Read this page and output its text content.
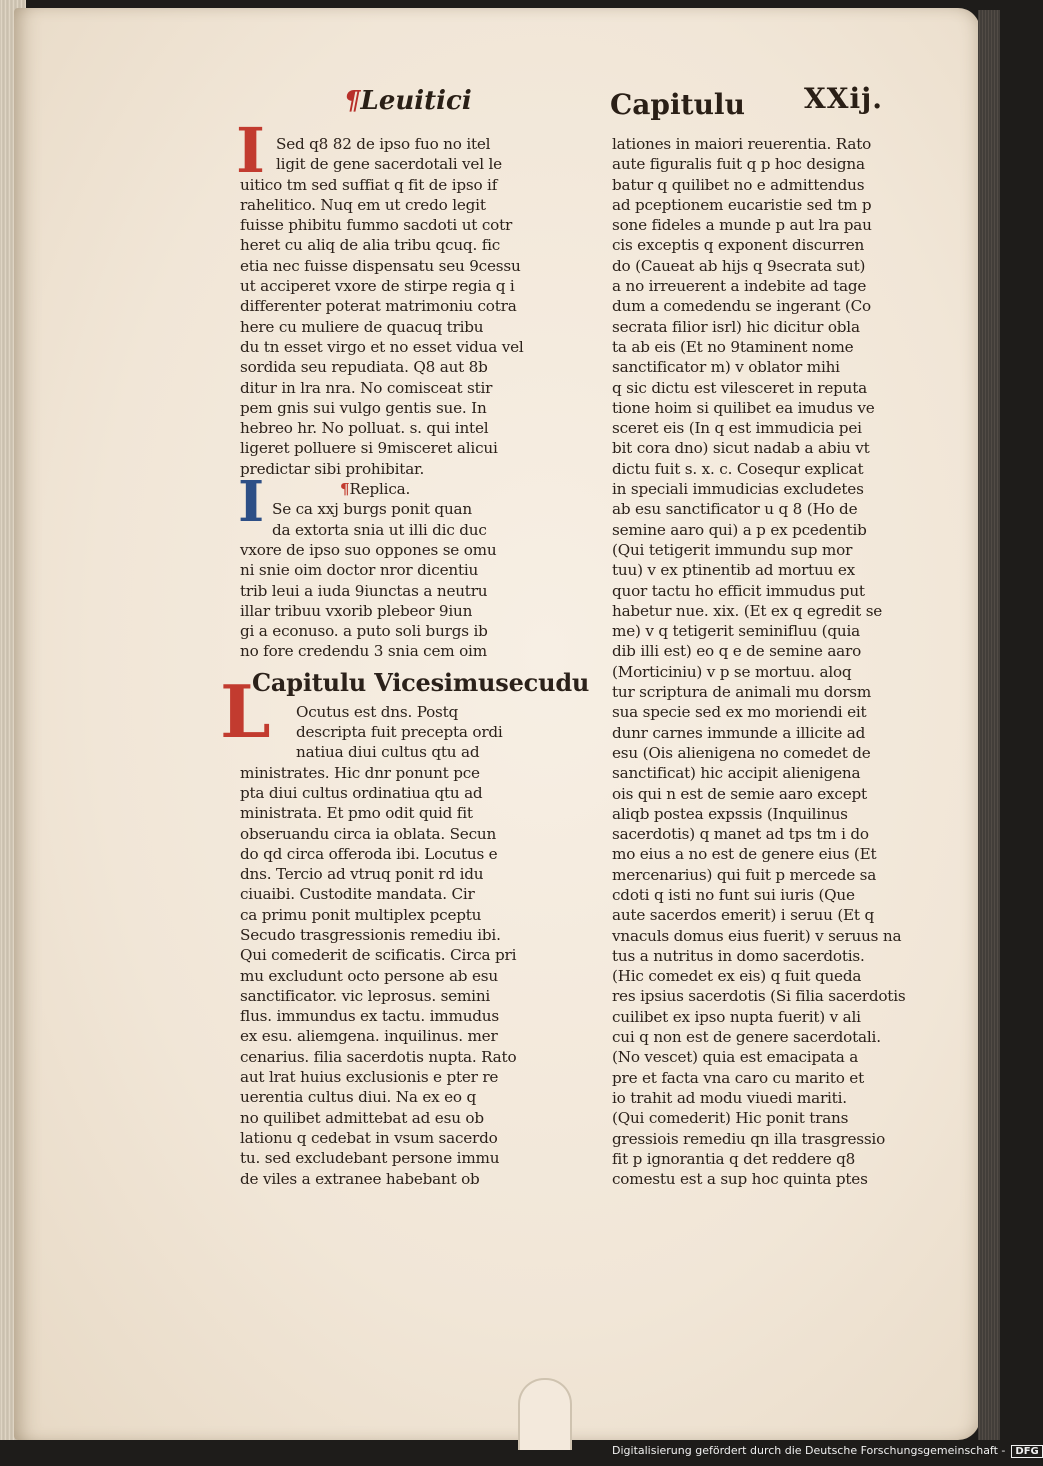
¶Leuitici	Capitulu XXij.
I
I
L
Sed q8 82 de ipso fuo no itel
ligit de gene sacerdotali vel le
uitico tm sed suffiat q fit de ipso if
rahelitico. Nuq em ut credo legit
fuisse phibitu fummo sacdoti ut cotr
heret cu aliq de alia tribu qcuq. fic
etia nec fuisse dispensatu seu 9cessu
ut acciperet vxore de stirpe regia q i
differenter poterat matrimoniu cotra
here cu muliere de quacuq tribu
du tn esset virgo et no esset vidua vel
sordida seu repudiata. Q8 aut 8b
ditur in lra nra. No comisceat stir
pem gnis sui vulgo gentis sue. In
hebreo hr. No polluat. s. qui intel
ligeret polluere si 9misceret alicui
predictar sibi prohibitar.
¶Replica.
Se ca xxj burgs ponit quan
da extorta snia ut illi dic duc
vxore de ipso suo oppones se omu
ni snie oim doctor nror dicentiu
trib leui a iuda 9iunctas a neutru
illar tribuu vxorib plebeor 9iun
gi a econuso. a puto soli burgs ib
no fore credendu 3 snia cem oim
Capitulu Vicesimusecudu
Ocutus est dns. Postq
descripta fuit precepta ordi
natiua diui cultus qtu ad
ministrates. Hic dnr ponunt pce
pta diui cultus ordinatiua qtu ad
ministrata. Et pmo odit quid fit
obseruandu circa ia oblata. Secun
do qd circa offeroda ibi. Locutus e
dns. Tercio ad vtruq ponit rd idu
ciuaibi. Custodite mandata. Cir
ca primu ponit multiplex pceptu
Secudo trasgressionis remediu ibi.
Qui comederit de scificatis. Circa pri
mu excludunt octo persone ab esu
sanctificator. vic leprosus. semini
flus. immundus ex tactu. immudus
ex esu. aliemgena. inquilinus. mer
cenarius. filia sacerdotis nupta. Rato
aut lrat huius exclusionis e pter re
uerentia cultus diui. Na ex eo q
no quilibet admittebat ad esu ob
lationu q cedebat in vsum sacerdo
tu. sed excludebant persone immu
de viles a extranee habebant ob
lationes in maiori reuerentia. Rato
aute figuralis fuit q p hoc designa
batur q quilibet no e admittendus
ad pceptionem eucaristie sed tm p
sone fideles a munde p aut lra pau
cis exceptis q exponent discurren
do (Caueat ab hijs q 9secrata sut)
a no irreuerent a indebite ad tage
dum a comedendu se ingerant (Co
secrata filior isrl) hic dicitur obla
ta ab eis (Et no 9taminent nome
sanctificator m) v oblator mihi
q sic dictu est vilesceret in reputa
tione hoim si quilibet ea imudus ve
sceret eis (In q est immudicia pei
bit cora dno) sicut nadab a abiu vt
dictu fuit s. x. c. Cosequr explicat
in speciali immudicias excludetes
ab esu sanctificator u q 8 (Ho de
semine aaro qui) a p ex pcedentib
(Qui tetigerit immundu sup mor
tuu) v ex ptinentib ad mortuu ex
quor tactu ho efficit immudus put
habetur nue. xix. (Et ex q egredit se
me) v q tetigerit seminifluu (quia
dib illi est) eo q e de semine aaro
(Morticiniu) v p se mortuu. aloq
tur scriptura de animali mu dorsm
sua specie sed ex mo moriendi eit
dunr carnes immunde a illicite ad
esu (Ois alienigena no comedet de
sanctificat) hic accipit alienigena
ois qui n est de semie aaro except
aliqb postea expssis (Inquilinus
sacerdotis) q manet ad tps tm i do
mo eius a no est de genere eius (Et
mercenarius) qui fuit p mercede sa
cdoti q isti no funt sui iuris (Que
aute sacerdos emerit) i seruu (Et q
vnaculs domus eius fuerit) v seruus na
tus a nutritus in domo sacerdotis.
(Hic comedet ex eis) q fuit queda
res ipsius sacerdotis (Si filia sacerdotis
cuilibet ex ipso nupta fuerit) v ali
cui q non est de genere sacerdotali.
(No vescet) quia est emacipata a
pre et facta vna caro cu marito et
io trahit ad modu viuedi mariti.
(Qui comederit) Hic ponit trans
gressiois remediu qn illa trasgressio
fit p ignorantia q det reddere q8
comestu est a sup hoc quinta ptes
Digitalisierung gefördert durch die Deutsche Forschungsgemeinschaft - DFG
